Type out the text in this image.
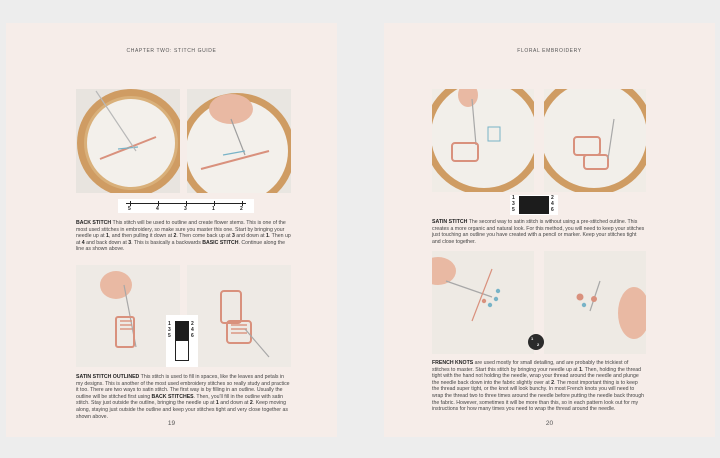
CHAPTER TWO: STITCH GUIDE
5	4	3	1	2
BACK STITCH This stitch will be used to outline and create flower stems. This is one of the most used stitches in embroidery, so make sure you master this one. Start by bringing your needle up at 1, and then pulling it down at 2. Then come back up at 3 and down at 1. Then up at 4 and back down at 3. This is basically a backwards BASIC STITCH. Continue along the line as shown above.
1
3
5
2
4
6
SATIN STITCH OUTLINED This stitch is used to fill in spaces, like the leaves and petals in my designs. This is another of the most used embroidery stitches so really study and practice it too. There are two ways to satin stitch. The first way is by filling in an outline. Usually the outline will be stitched first using BACK STITCHES. Then, you'll fill in the outline with satin stitch. Stay just outside the outline, bringing the needle up at 1 and down at 2. Keep moving along, staying just outside the outline and keep your stitches tight and very close together as shown above.
19
FLORAL EMBROIDERY
1
3
5
2
4
6
SATIN STITCH The second way to satin stitch is without using a pre-stitched outline. This creates a more organic and natural look. For this method, you will need to keep your stitches just touching an outline you have created with a pencil or marker. Keep your stitches tight and close together.
1
2
FRENCH KNOTS are used mostly for small detailing, and are probably the trickiest of stitches to master. Start this stitch by bringing your needle up at 1. Then, holding the thread tight with the hand not holding the needle, wrap your thread around the needle and plunge the needle back down into the fabric slightly over at 2. The most important thing is to keep the thread super tight, or the knot will look bunchy. In most French knots you will need to wrap the thread two to three times around the needle before putting the needle back through the fabric. However, sometimes it will be more than this, so in each pattern look out for my instructions for how many times you need to wrap the thread around the needle.
20
